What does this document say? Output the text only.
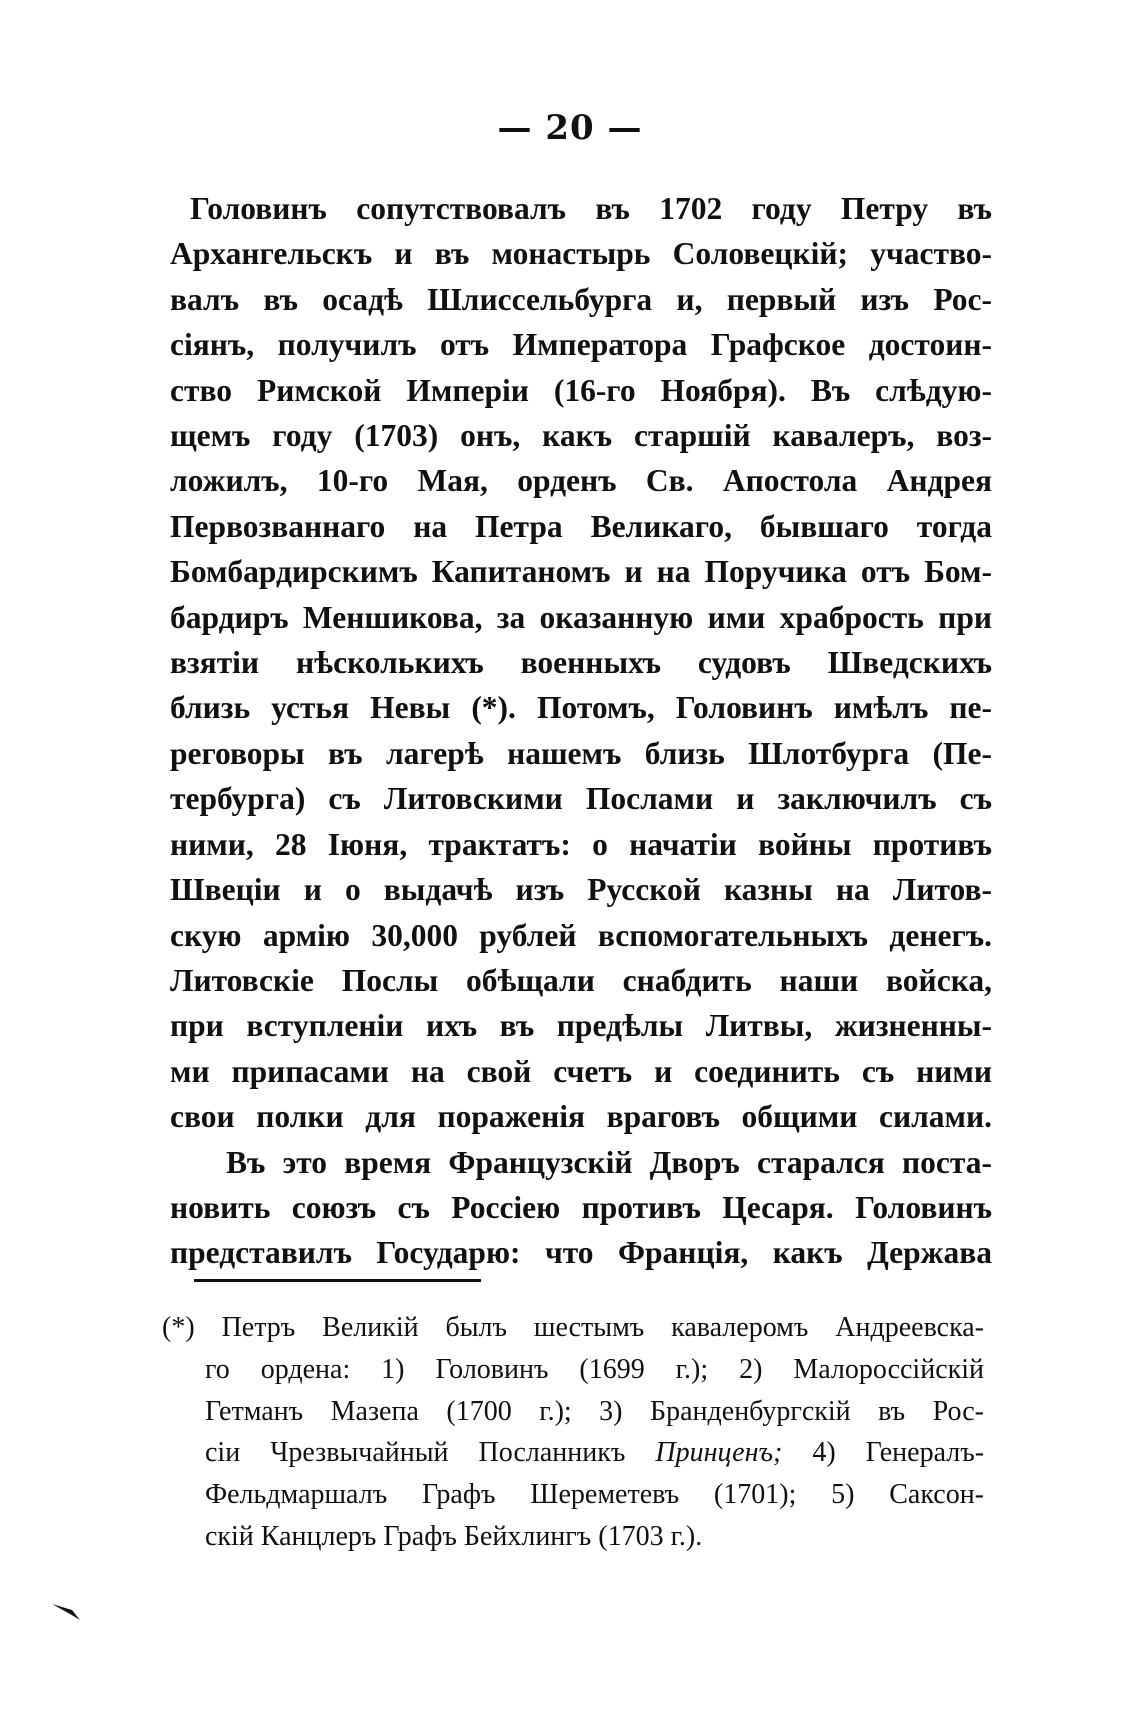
— 20 —
Головинъ сопутствовалъ въ 1702 году Петру въ
Архангельскъ и въ монастырь Соловецкій; участво-
валъ въ осадѣ Шлиссельбурга и, первый изъ Рос-
сіянъ, получилъ отъ Императора Графское достоин-
ство Римской Имперіи (16-го Ноября). Въ слѣдую-
щемъ году (1703) онъ, какъ старшій кавалеръ, воз-
ложилъ, 10-го Мая, орденъ Св. Апостола Андрея
Первозваннаго на Петра Великаго, бывшаго тогда
Бомбардирскимъ Капитаномъ и на Поручика отъ Бом-
бардиръ Меншикова, за оказанную ими храбрость при
взятіи нѣсколькихъ военныхъ судовъ Шведскихъ
близь устья Невы (*). Потомъ, Головинъ имѣлъ пе-
реговоры въ лагерѣ нашемъ близь Шлотбурга (Пе-
тербурга) съ Литовскими Послами и заключилъ съ
ними, 28 Іюня, трактатъ: о начатіи войны противъ
Швеціи и о выдачѣ изъ Русской казны на Литов-
скую армію 30,000 рублей вспомогательныхъ денегъ.
Литовскіе Послы обѣщали снабдить наши войска,
при вступленіи ихъ въ предѣлы Литвы, жизненны-
ми припасами на свой счетъ и соединить съ ними
свои полки для пораженія враговъ общими силами.
Въ это время Французскій Дворъ старался поста-
новить союзъ съ Россіею противъ Цесаря. Головинъ
представилъ Государю: что Франція, какъ Держава
(*) Петръ Великій былъ шестымъ кавалеромъ Андреевска-
го ордена: 1) Головинъ (1699 г.); 2) Малороссійскій
Гетманъ Мазепа (1700 г.); 3) Бранденбургскій въ Рос-
сіи Чрезвычайный Посланникъ Принценъ; 4) Генералъ-
Фельдмаршалъ Графъ Шереметевъ (1701); 5) Саксон-
скій Канцлеръ Графъ Бейхлингъ (1703 г.).
